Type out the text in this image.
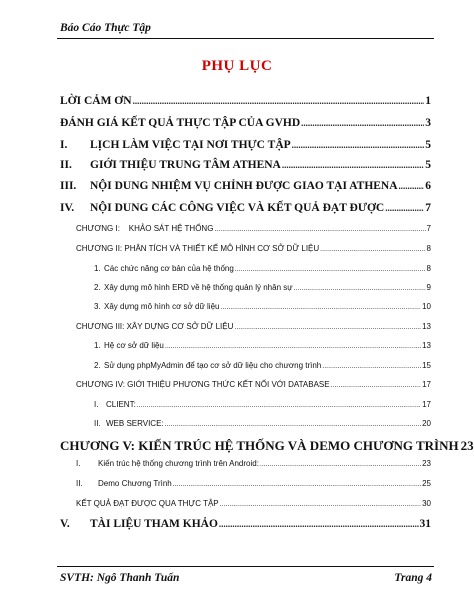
Báo Cáo Thực Tập
PHỤ LỤC
LỜI CẢM ƠN .....	1
ĐÁNH GIÁ KẾT QUẢ THỰC TẬP CỦA GVHD .....	3
I.	LỊCH LÀM VIỆC TẠI NƠI THỰC TẬP .....	5
II.	GIỚI THIỆU TRUNG TÂM ATHENA .....	5
III.	NỘI DUNG NHIỆM VỤ CHỈNH ĐƯỢC GIAO TẠI ATHENA ..... 6
IV.	NỘI DUNG CÁC CÔNG VIỆC VÀ KẾT QUẢ ĐẠT ĐƯỢC .....	7
CHƯƠNG I:    KHẢO SÁT HỆ THỐNG .....	7
CHƯƠNG II: PHÂN TÍCH VÀ THIẾT KẾ MÔ HÌNH CƠ SỞ DỮ LIỆU .....	8
1. Các chức năng cơ bản của hệ thống .....	8
2. Xây dựng mô hình ERD về hệ thống quản lý nhân sự .....	9
3. Xây dựng mô hình cơ sở dữ liệu .....	10
CHƯƠNG III: XÂY DỰNG CƠ SỞ DỮ LIỆU .....	13
1. Hệ cơ sở dữ liệu .....	13
2. Sử dụng phpMyAdmin để tạo cơ sở dữ liệu cho chương trình .....	15
CHƯƠNG IV: GIỚI THIỆU PHƯƠNG THỨC KẾT NỐI VỚI DATABASE .....	17
I. CLIENT: .....	17
II. WEB SERVICE: .....	20
CHƯƠNG V: KIẾN TRÚC HỆ THỐNG VÀ DEMO CHƯƠNG TRÌNH 23
I.	Kiến trúc hệ thống chương trình trên Android: .....	23
II.	Demo Chương Trình .....	25
KẾT QUẢ ĐẠT ĐƯỢC QUA THỰC TẬP .....	30
V.	TÀI LIỆU THAM KHẢO .....	31
SVTH: Ngô Thanh Tuấn	Trang 4
